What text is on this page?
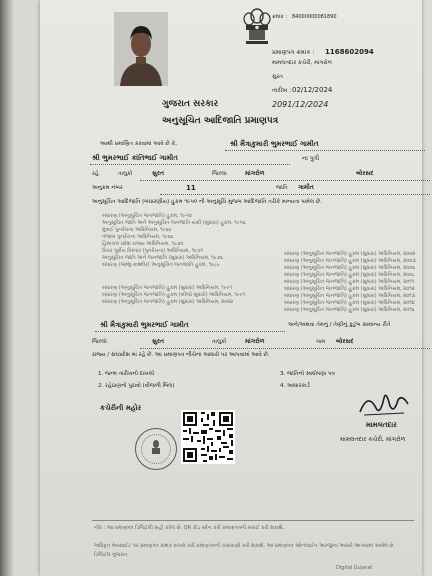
ક્રમાંક : 84000000081890
પ્રમાણપત્ર ક્રમાંક : 1168602094
મામલતદાર કચેરી, માંગરોળ
સુરત
તારીખ : 02/12/2024
2091/12/2024
ગુજરાત સરકાર
અનુસૂચિત આદિજાતિ પ્રમાણપત્ર
આથી પ્રમાણિત કરવામાં આવે છે કે,	શ્રી મૈત્રાકુમારી ભુમરભાઈ ગામીત
શ્રી ભુમરભાઈ કાંતિભાઈ ગામીત	ના પુત્રી
રહે.	તાલુકો	સુરત	જિલ્લા	માંગરોળ	બોરસદ
અનુક્રમ નંબર	11	જાતિ ગામીત
અનુસૂચિત આદિજાતિ (બંધારણીય) હુકમ ૧૯૫૦ ની અનુસૂચિ મુજબ આદિજાતિ તરીકે માન્યતા પામેલ છે.
બંધારણ (અનુસૂચિત જનજાતિ) હુકમ, ૧૯૫૦
અનુસૂચિત જાતિ અને અનુસૂચિત જનજાતિ યાદી (સુધારા) હુકમ, ૧૯૫૬
મુંબઈ પુનર્રચના અધિનિયમ, ૧૯૬૦
પંજાબ પુનર્રચના અધિનિયમ, ૧૯૬૬
હિમાચલ પ્રદેશ રાજ્ય અધિનિયમ, ૧૯૭૦
ઉત્તર પૂર્વીય વિસ્તાર (પુનર્રચના) અધિનિયમ, ૧૯૭૧
અનુસૂચિત જાતિ અને જનજાતિ (સુધારા) અધિનિયમ, ૧૯૭૬
બંધારણ (જમ્મુ-કાશ્મીર) અનુસૂચિત જનજાતિ હુકમ, ૧૯૮૯
બંધારણ (અનુસૂચિત જનજાતિ) હુકમ (સુધારા) અધિનિયમ, ૧૯૯૧
બંધારણ (અનુસૂચિત જનજાતિ) હુકમ (બીજો સુધારો) અધિનિયમ, ૧૯૯૧
બંધારણ (અનુસૂચિત જનજાતિ) હુકમ (સુધારા) અધિનિયમ, ૨૦૦૨
બંધારણ (અનુસૂચિત જનજાતિ) હુકમ (સુધારા) અધિનિયમ, ૨૦૦૩
બંધારણ (અનુસૂચિત જનજાતિ) હુકમ (સુધારા) અધિનિયમ, ૨૦૦૬
બંધારણ (અનુસૂચિત જનજાતિ) હુકમ (સુધારા) અધિનિયમ, ૨૦૦૮
બંધારણ (અનુસૂચિત જનજાતિ) હુકમ (સુધારા) અધિનિયમ, ૨૦૧૧
બંધારણ (અનુસૂચિત જનજાતિ) હુકમ (સુધારા) અધિનિયમ, ૨૦૧૨
બંધારણ (અનુસૂચિત જનજાતિ) હુકમ (સુધારા) અધિનિયમ, ૨૦૧૩
બંધારણ (અનુસૂચિત જનજાતિ) હુકમ (સુધારા) અધિનિયમ, ૨૦૧૪
બંધારણ (અનુસૂચિત જનજાતિ) હુકમ (સુધારા) અધિનિયમ, ૨૦૧૬
બંધારણ (અનુસૂચિત જનજાતિ) હુકમ (સુધારા) અધિનિયમ, ૨૦૨૨
શ્રી મૈત્રાકુમારી ભુમરભાઈ ગામીત	અને/અથવા તેમનું / તેણીનું કુટુંબ સામાન્ય રીતે
જિલ્લો	સુરત	તાલુકો	માંગરોળ	ગામ બોરસદ
રાજ્ય / સંઘપ્રદેશ માં રહે છે. આ પ્રમાણપત્ર નીચેના આધારો પર આપવામાં આવે છે.
1. જન્મ તારીખનો દાખલો
2. રહેઠાણનો પુરાવો (વીજળી બિલ)
3. જાતિનો સ્વઘોષણા પત્ર
4. આધારકાર્ડ
કચેરીની મહોર
મામલતદાર
મામલતદાર કચેરી, માંગરોળ
નોંધ : આ પ્રમાણપત્ર ડિજિટલી સહી કરેલ છે. QR કોડ સ્કેન કરી પ્રમાણપત્રની ખરાઈ કરી શકાશે.
અધિકૃત વેબસાઈટ પર પ્રમાણપત્ર ક્રમાંક દાખલ કરી પ્રમાણપત્રની ચકાસણી કરી શકાશે. આ પ્રમાણપત્ર ઓનલાઈન અરજીના આધારે આપવામાં આવેલ છે.
ડિજિટલ ગુજરાત
Digital Gujarat
